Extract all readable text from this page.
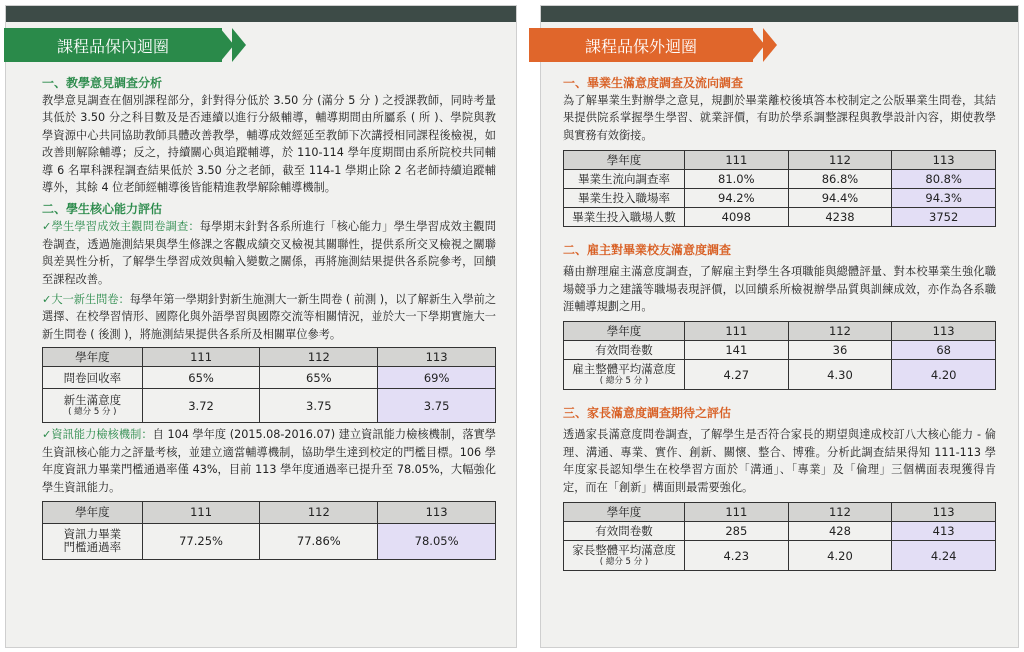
課程品保內迴圈
一、教學意見調查分析

教學意見調查在個別課程部分，針對得分低於 3.50 分 (滿分 5 分 ) 之授課教師，同時考量其低於 3.50 分之科目數及是否連續以進行分級輔導，輔導期間由所屬系 ( 所 )、學院與教學資源中心共同協助教師具體改善教學，輔導成效經延至教師下次講授相同課程後檢視，如改善則解除輔導；反之，持續關心與追蹤輔導，於 110-114 學年度期間由系所院校共同輔導 6 名單科課程調查結果低於 3.50 分之老師，截至 114-1 學期止除 2 名老師持續追蹤輔導外，其餘 4 位老師經輔導後皆能精進教學解除輔導機制。

二、學生核心能力評估

✓學生學習成效主觀問卷調查：每學期末針對各系所進行「核心能力」學生學習成效主觀問卷調查，透過施測結果與學生修課之客觀成績交叉檢視其關聯性，提供系所交叉檢視之關聯與差異性分析，了解學生學習成效與輸入變數之關係，再將施測結果提供各系院參考，回饋至課程改善。

✓大一新生問卷：每學年第一學期針對新生施測大一新生問卷 ( 前測 )，以了解新生入學前之選擇、在校學習情形、國際化與外語學習與國際交流等相關情況，並於大一下學期實施大一新生問卷 ( 後測 )，將施測結果提供各系所及相關單位參考。

學年度	111	112	113
問卷回收率	65%	65%	69%
新生滿意度
( 總分 5 分 )	3.72	3.75	3.75

✓資訊能力檢核機制：自 104 學年度 (2015.08-2016.07) 建立資訊能力檢核機制，落實學生資訊核心能力之評量考核，並建立適當輔導機制，協助學生達到校定的門檻目標。106 學年度資訊力畢業門檻通過率僅 43%，目前 113 學年度通過率已提升至 78.05%，大幅強化學生資訊能力。

學年度	111	112	113
資訊力畢業
門檻通過率	77.25%	77.86%	78.05%
課程品保外迴圈
一、畢業生滿意度調查及流向調查

為了解畢業生對辦學之意見，規劃於畢業離校後填答本校制定之公版畢業生問卷，其結果提供院系掌握學生學習、就業評價，有助於學系調整課程與教學設計內容，期使教學與實務有效銜接。

學年度	111	112	113
畢業生流向調查率	81.0%	86.8%	80.8%
畢業生投入職場率	94.2%	94.4%	94.3%
畢業生投入職場人數	4098	4238	3752
二、雇主對畢業校友滿意度調查

藉由辦理雇主滿意度調查，了解雇主對學生各項職能與總體評量、對本校畢業生強化職場競爭力之建議等職場表現評價，以回饋系所檢視辦學品質與訓練成效，亦作為各系職涯輔導規劃之用。

學年度	111	112	113
有效問卷數	141	36	68
雇主整體平均滿意度
( 總分 5 分 )	4.27	4.30	4.20
三、家長滿意度調查期待之評估

透過家長滿意度問卷調查，了解學生是否符合家長的期望與達成校訂八大核心能力 - 倫理、溝通、專業、實作、創新、關懷、整合、博雅。分析此調查結果得知 111-113 學年度家長認知學生在校學習方面於「溝通」、「專業」及「倫理」三個構面表現獲得肯定，而在「創新」構面則最需要強化。

學年度	111	112	113
有效問卷數	285	428	413
家長整體平均滿意度
( 總分 5 分 )	4.23	4.20	4.24
